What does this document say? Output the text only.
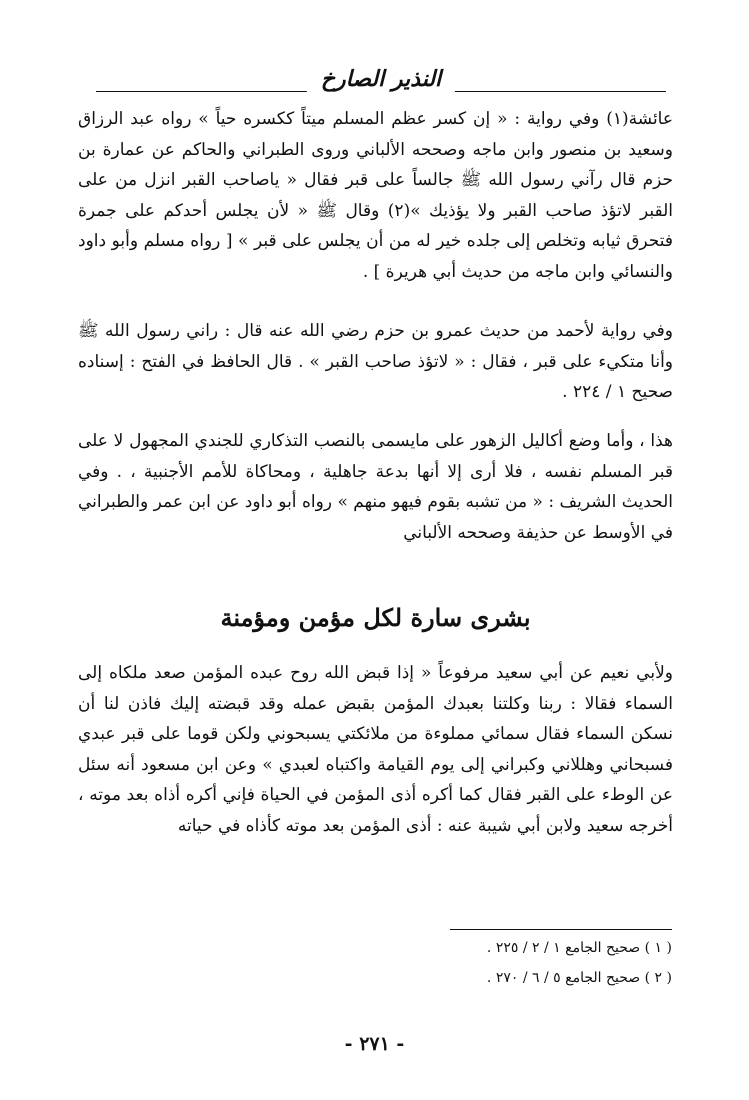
النذير الصارخ

عائشة(١) وفي رواية : « إن كسر عظم المسلم ميتاً ككسره حياً » رواه عبد الرزاق وسعيد بن منصور وابن ماجه وصححه الألباني وروى الطبراني والحاكم عن عمارة بن حزم قال رآني رسول الله ﷺ جالساً على قبر فقال « ياصاحب القبر انزل من على القبر لاتؤذ صاحب القبر ولا يؤذيك »(٢) وقال ﷺ « لأن يجلس أحدكم على جمرة فتحرق ثيابه وتخلص إلى جلده خير له من أن يجلس على قبر » [ رواه مسلم وأبو داود والنسائي وابن ماجه من حديث أبي هريرة ] .

وفي رواية لأحمد من حديث عمرو بن حزم رضي الله عنه قال : راني رسول الله ﷺ وأنا متكيء على قبر ، فقال : « لاتؤذ صاحب القبر » . قال الحافظ في الفتح : إسناده صحيح ١ / ٢٢٤ .

هذا ، وأما وضع أكاليل الزهور على مايسمى بالنصب التذكاري للجندي المجهول لا على قبر المسلم نفسه ، فلا أرى إلا أنها بدعة جاهلية ، ومحاكاة للأمم الأجنبية ، . وفي الحديث الشريف : « من تشبه بقوم فيهو منهم » رواه أبو داود عن ابن عمر والطبراني في الأوسط عن حذيفة وصححه الألباني

بشرى سارة لكل مؤمن ومؤمنة

ولأبي نعيم عن أبي سعيد مرفوعاً « إذا قبض الله روح عبده المؤمن صعد ملكاه إلى السماء فقالا : ربنا وكلتنا بعبدك المؤمن بقبض عمله وقد قبضته إليك فاذن لنا أن نسكن السماء فقال سمائي مملوءة من ملائكتي يسبحوني ولكن قوما على قبر عبدي فسبحاني وهللاني وكبراني إلى يوم القيامة واكتباه لعبدي » وعن ابن مسعود أنه سئل عن الوطء على القبر فقال كما أكره أذى المؤمن في الحياة فإني أكره أذاه بعد موته ، أخرجه سعيد ولابن أبي شيبة عنه : أذى المؤمن بعد موته كأذاه في حياته

( ١ ) صحيح الجامع ١ / ٢ / ٢٢٥ .
( ٢ ) صحيح الجامع ٥ / ٦ / ٢٧٠ .
- ٢٧١ -
